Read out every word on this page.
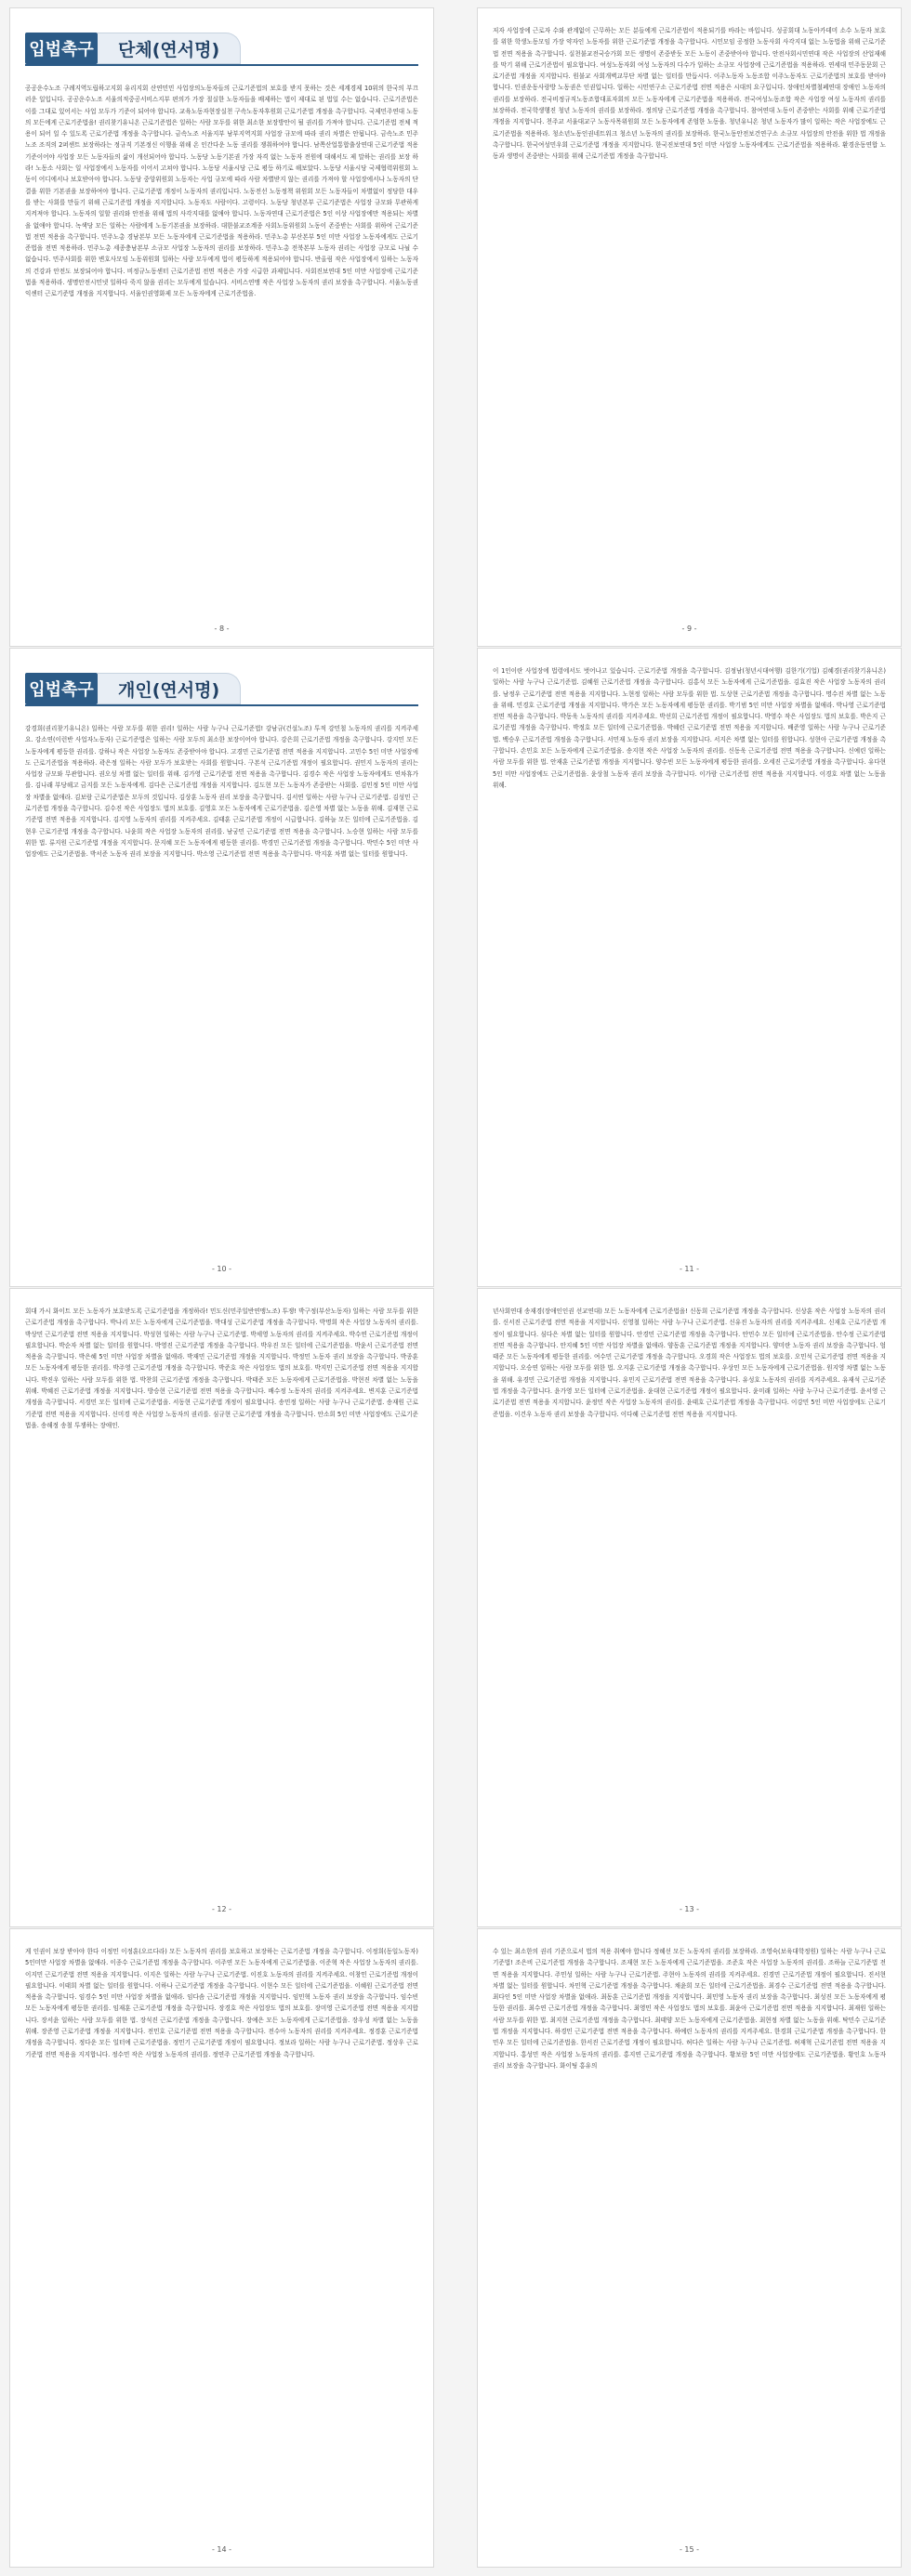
입법촉구	단체(연서명)
공공운수노조 구례지역도립하고지회 유리지회 산연민민 사업장의노동자들의 근로기준법의 보호를 받지 못하는 것은 세계경제 10위의 한국의 부끄러운 일입니다. 공공운수노조 서울의적중공서비스지부 편의가 가장 절실한 노동자들을 배제하는 법이 제대로 된 법일 수는 없습니다. 근로기준법은 이를 그대로 있어서는 사업 모두가 기준이 되어야 합니다. 교육노동자현장실천 구속노동자후원회 근로기준법 개정을 촉구합니다. 국제민주연대 노동의 모든에게 근로기준법을! 권리찾기유니온 근로기준법은 일하는 사람 모두를 위한 최소한 보장방안이 될 권리를 가져야 합니다. 근로기준법 전체 적용이 되어 일 수 있도록 근로기준법 개정을 촉구합니다. 금속노조 서울지부 남부지역지회 사업장 규모에 따라 권리 차별은 안됩니다. 금속노조 민주노조 조직의 2퍼센트 보장하라는 정규직 기본정신 이행을 위해 온 인간다운 노동 권리를 쟁취하여야 합니다. 남쪽산업통합출상연대 근로기준법 적용 기준이어야 사업장 모든 노동자들의 삶이 개선되어야 합니다. 노동당 노동기본권 가장 자격 없는 노동자 전원에 대해서도 제 말하는 권리를 보장 하라! 노동소 사회는 일 사업장에서 노동자를 이어서 고쳐야 합니다. 노동당 서울시당 근로 평등 하기로 해보았다. 노동당 서울시당 국제협력위원회 노동이 어디에서나 보호받아야 합니다. 노동당 중앙위원회 노동자는 사업 규모에 따라 사람 차별받지 않는 권리를 가져야 할 사업장에서나 노동자의 단결을 위한 기본권을 보장하여야 합니다. 근로기준법 개정이 노동자의 권리입니다. 노동전선 노동정책 위원회 모든 노동자들이 차별없이 정당한 대우를 받는 사회를 만들기 위해 근로기준법 개정을 지지합니다. 노동자도 사람이다. 고령이다. 노동당 청년본부 근로기준법은 사업장 규모와 무관하게 지켜져야 합니다. 노동자의 일할 권리와 안전을 위해 법의 사각지대를 없애야 합니다. 노동자연대 근로기준법은 5인 이상 사업장에만 적용되는 차별을 없애야 합니다. 녹색당 모든 일하는 사람에게 노동기본권을 보장하라. 대한불교조계종 사회노동위원회 노동이 존중받는 사회를 위하여 근로기준법 전면 적용을 촉구합니다. 민주노총 경남본부 모든 노동자에게 근로기준법을 적용하라. 민주노총 부산본부 5인 미만 사업장 노동자에게도 근로기준법을 전면 적용하라. 민주노총 세종충남본부 소규모 사업장 노동자의 권리를 보장하라. 민주노총 전북본부 노동자 권리는 사업장 규모로 나뉠 수 없습니다. 민주사회를 위한 변호사모임 노동위원회 일하는 사람 모두에게 법이 평등하게 적용되어야 합니다. 반올림 작은 사업장에서 일하는 노동자의 건강과 안전도 보장되어야 합니다. 비정규노동센터 근로기준법 전면 적용은 가장 시급한 과제입니다. 사회진보연대 5인 미만 사업장에 근로기준법을 적용하라. 생명안전시민넷 일하다 죽지 않을 권리는 모두에게 있습니다. 서비스연맹 작은 사업장 노동자의 권리 보장을 촉구합니다. 서울노동권익센터 근로기준법 개정을 지지합니다. 서울인권영화제 모든 노동자에게 근로기준법을.
- 8 -
저자 사업장에 근로자 수와 관계없이 근무하는 모든 분들에게 근로기준법이 적용되기를 바라는 바입니다. 성공회대 노동아카데미 소수 노동자 보호를 위한 학생노동모임 가장 약자인 노동자를 위한 근로기준법 개정을 촉구합니다. 시민모임 공정한 노동사회 사각지대 없는 노동법을 위해 근로기준법 전면 적용을 촉구합니다. 실천불교전국승가회 모든 생명이 존중받듯 모든 노동이 존중받아야 합니다. 안전사회시민연대 작은 사업장의 산업재해를 막기 위해 근로기준법이 필요합니다. 여성노동자회 여성 노동자의 다수가 일하는 소규모 사업장에 근로기준법을 적용하라. 연세대 민주동문회 근로기준법 개정을 지지합니다. 원불교 사회개벽교무단 차별 없는 일터를 만듭시다. 이주노동자 노동조합 이주노동자도 근로기준법의 보호를 받아야 합니다. 인권운동사랑방 노동권은 인권입니다. 일하는 시민연구소 근로기준법 전면 적용은 시대의 요구입니다. 장애인차별철폐연대 장애인 노동자의 권리를 보장하라. 전국비정규직노동조합대표자회의 모든 노동자에게 근로기준법을 적용하라. 전국여성노동조합 작은 사업장 여성 노동자의 권리를 보장하라. 전국학생행진 청년 노동자의 권리를 보장하라. 정의당 근로기준법 개정을 촉구합니다. 참여연대 노동이 존중받는 사회를 위해 근로기준법 개정을 지지합니다. 천주교 서울대교구 노동사목위원회 모든 노동자에게 존엄한 노동을. 청년유니온 청년 노동자가 많이 일하는 작은 사업장에도 근로기준법을 적용하라. 청소년노동인권네트워크 청소년 노동자의 권리를 보장하라. 한국노동안전보건연구소 소규모 사업장의 안전을 위한 법 개정을 촉구합니다. 한국여성민우회 근로기준법 개정을 지지합니다. 한국진보연대 5인 미만 사업장 노동자에게도 근로기준법을 적용하라. 환경운동연합 노동과 생명이 존중받는 사회를 위해 근로기준법 개정을 촉구합니다.
- 9 -
입법촉구	개인(연서명)
강경희(권리찾기유니온) 일하는 사람 모두를 위한 권리! 일하는 사람 누구나 근로기준법! 강남규(건설노조) 투적 강민철 노동자의 권리를 지켜주세요. 강소연(이런반 사업자노동자) 근로기준법은 일하는 사람 모두의 최소한 보장이어야 합니다. 강은희 근로기준법 개정을 촉구합니다. 강지민 모든 노동자에게 평등한 권리를. 강하나 작은 사업장 노동자도 존중받아야 합니다. 고경민 근로기준법 전면 적용을 지지합니다. 고민수 5인 미만 사업장에도 근로기준법을 적용하라. 곽은정 일하는 사람 모두가 보호받는 사회를 원합니다. 구본석 근로기준법 개정이 필요합니다. 권민지 노동자의 권리는 사업장 규모와 무관합니다. 권오성 차별 없는 일터를 위해. 김가영 근로기준법 전면 적용을 촉구합니다. 김경수 작은 사업장 노동자에게도 연차휴가를. 김나래 부당해고 금지를 모든 노동자에게. 김다은 근로기준법 개정을 지지합니다. 김도현 모든 노동자가 존중받는 사회를. 김민정 5인 미만 사업장 차별을 없애라. 김보람 근로기준법은 모두의 것입니다. 김상훈 노동자 권리 보장을 촉구합니다. 김서연 일하는 사람 누구나 근로기준법. 김성민 근로기준법 개정을 촉구합니다. 김수진 작은 사업장도 법의 보호를. 김영호 모든 노동자에게 근로기준법을. 김은영 차별 없는 노동을 위해. 김재현 근로기준법 전면 적용을 지지합니다. 김지영 노동자의 권리를 지켜주세요. 김태훈 근로기준법 개정이 시급합니다. 김하늘 모든 일터에 근로기준법을. 김현우 근로기준법 개정을 촉구합니다. 나윤희 작은 사업장 노동자의 권리를. 남궁민 근로기준법 전면 적용을 촉구합니다. 노승현 일하는 사람 모두를 위한 법. 류지원 근로기준법 개정을 지지합니다. 문지혜 모든 노동자에게 평등한 권리를. 박경민 근로기준법 개정을 촉구합니다. 박민수 5인 미만 사업장에도 근로기준법을. 박서준 노동자 권리 보장을 지지합니다. 박소영 근로기준법 전면 적용을 촉구합니다. 박지훈 차별 없는 일터를 원합니다.
- 10 -
이 1인이란 사업장에 법령에서도 벗어나고 있습니다. 근로기준법 개정을 촉구합니다. 김정남(청년시대여행) 김한기(기업) 김혜경(권리찾기유니온) 일하는 사람 누구나 근로기준법. 김혜원 근로기준법 개정을 촉구합니다. 김홍석 모든 노동자에게 근로기준법을. 김효진 작은 사업장 노동자의 권리를. 남정우 근로기준법 전면 적용을 지지합니다. 노현정 일하는 사람 모두를 위한 법. 도상현 근로기준법 개정을 촉구합니다. 명수진 차별 없는 노동을 위해. 민경호 근로기준법 개정을 지지합니다. 박가은 모든 노동자에게 평등한 권리를. 박기범 5인 미만 사업장 차별을 없애라. 박나영 근로기준법 전면 적용을 촉구합니다. 박동욱 노동자의 권리를 지켜주세요. 박선희 근로기준법 개정이 필요합니다. 박영수 작은 사업장도 법의 보호를. 박은지 근로기준법 개정을 촉구합니다. 박정호 모든 일터에 근로기준법을. 박혜린 근로기준법 전면 적용을 지지합니다. 배준영 일하는 사람 누구나 근로기준법. 백승우 근로기준법 개정을 촉구합니다. 서민재 노동자 권리 보장을 지지합니다. 서지은 차별 없는 일터를 원합니다. 성현아 근로기준법 개정을 촉구합니다. 손민호 모든 노동자에게 근로기준법을. 송지현 작은 사업장 노동자의 권리를. 신동욱 근로기준법 전면 적용을 촉구합니다. 신예린 일하는 사람 모두를 위한 법. 안재훈 근로기준법 개정을 지지합니다. 양수빈 모든 노동자에게 평등한 권리를. 오세진 근로기준법 개정을 촉구합니다. 유다현 5인 미만 사업장에도 근로기준법을. 윤상철 노동자 권리 보장을 촉구합니다. 이가람 근로기준법 전면 적용을 지지합니다. 이경호 차별 없는 노동을 위해.
- 11 -
회대 가시 화이트 모든 노동자가 보호받도록 근로기준법을 개정하라! 민도신(민주일반연맹노조) 투쟁! 박구정(부산노동자) 일하는 사람 모두를 위한 근로기준법 개정을 촉구합니다. 박나리 모든 노동자에게 근로기준법을. 박대성 근로기준법 개정을 촉구합니다. 박명희 작은 사업장 노동자의 권리를. 박상민 근로기준법 전면 적용을 지지합니다. 박성현 일하는 사람 누구나 근로기준법. 박세영 노동자의 권리를 지켜주세요. 박수연 근로기준법 개정이 필요합니다. 박순자 차별 없는 일터를 원합니다. 박영진 근로기준법 개정을 촉구합니다. 박우진 모든 일터에 근로기준법을. 박윤서 근로기준법 전면 적용을 촉구합니다. 박은혜 5인 미만 사업장 차별을 없애라. 박재민 근로기준법 개정을 지지합니다. 박정민 노동자 권리 보장을 촉구합니다. 박종훈 모든 노동자에게 평등한 권리를. 박주영 근로기준법 개정을 촉구합니다. 박준호 작은 사업장도 법의 보호를. 박지민 근로기준법 전면 적용을 지지합니다. 박진우 일하는 사람 모두를 위한 법. 박찬희 근로기준법 개정을 촉구합니다. 박태준 모든 노동자에게 근로기준법을. 박현진 차별 없는 노동을 위해. 박혜진 근로기준법 개정을 지지합니다. 방승현 근로기준법 전면 적용을 촉구합니다. 배수정 노동자의 권리를 지켜주세요. 변지훈 근로기준법 개정을 촉구합니다. 서경민 모든 일터에 근로기준법을. 서동현 근로기준법 개정이 필요합니다. 송민정 일하는 사람 누구나 근로기준법. 송재원 근로기준법 전면 적용을 지지합니다. 신미경 작은 사업장 노동자의 권리를. 심규현 근로기준법 개정을 촉구합니다. 안소희 5인 미만 사업장에도 근로기준법을. 송해정 송철 투쟁하는 장애인.
- 12 -
년사회연대 송재경(장애인인권 선교연대) 모든 노동자에게 근로기준법을! 신동희 근로기준법 개정을 촉구합니다. 신상훈 작은 사업장 노동자의 권리를. 신서진 근로기준법 전면 적용을 지지합니다. 신영철 일하는 사람 누구나 근로기준법. 신유진 노동자의 권리를 지켜주세요. 신재호 근로기준법 개정이 필요합니다. 심다은 차별 없는 일터를 원합니다. 안경민 근로기준법 개정을 촉구합니다. 안민수 모든 일터에 근로기준법을. 안수정 근로기준법 전면 적용을 촉구합니다. 안지혜 5인 미만 사업장 차별을 없애라. 양동훈 근로기준법 개정을 지지합니다. 양미란 노동자 권리 보장을 촉구합니다. 엄태준 모든 노동자에게 평등한 권리를. 여수민 근로기준법 개정을 촉구합니다. 오경희 작은 사업장도 법의 보호를. 오민석 근로기준법 전면 적용을 지지합니다. 오승연 일하는 사람 모두를 위한 법. 오지훈 근로기준법 개정을 촉구합니다. 우상민 모든 노동자에게 근로기준법을. 원지영 차별 없는 노동을 위해. 유경민 근로기준법 개정을 지지합니다. 유민지 근로기준법 전면 적용을 촉구합니다. 유성호 노동자의 권리를 지켜주세요. 유재석 근로기준법 개정을 촉구합니다. 윤가영 모든 일터에 근로기준법을. 윤대현 근로기준법 개정이 필요합니다. 윤미래 일하는 사람 누구나 근로기준법. 윤서영 근로기준법 전면 적용을 지지합니다. 윤정민 작은 사업장 노동자의 권리를. 윤태호 근로기준법 개정을 촉구합니다. 이강민 5인 미만 사업장에도 근로기준법을. 이건우 노동자 권리 보장을 촉구합니다. 이다혜 근로기준법 전면 적용을 지지합니다.
- 13 -
게 인권이 보장 받아야 한다 이정민 이정훈(오르다라) 모든 노동자의 권리를 보호하고 보장하는 근로기준법 개정을 촉구합니다. 이정희(동일노동자) 5인미만 사업장 차별을 없애라. 이종수 근로기준법 개정을 촉구합니다. 이주연 모든 노동자에게 근로기준법을. 이준혁 작은 사업장 노동자의 권리를. 이지민 근로기준법 전면 적용을 지지합니다. 이지은 일하는 사람 누구나 근로기준법. 이진호 노동자의 권리를 지켜주세요. 이창민 근로기준법 개정이 필요합니다. 이태희 차별 없는 일터를 원합니다. 이하나 근로기준법 개정을 촉구합니다. 이현수 모든 일터에 근로기준법을. 이혜원 근로기준법 전면 적용을 촉구합니다. 임경수 5인 미만 사업장 차별을 없애라. 임다솜 근로기준법 개정을 지지합니다. 임민혁 노동자 권리 보장을 촉구합니다. 임수빈 모든 노동자에게 평등한 권리를. 임재훈 근로기준법 개정을 촉구합니다. 장경호 작은 사업장도 법의 보호를. 장미영 근로기준법 전면 적용을 지지합니다. 장서윤 일하는 사람 모두를 위한 법. 장석진 근로기준법 개정을 촉구합니다. 장예은 모든 노동자에게 근로기준법을. 장우성 차별 없는 노동을 위해. 장준영 근로기준법 개정을 지지합니다. 전민호 근로기준법 전면 적용을 촉구합니다. 전수아 노동자의 권리를 지켜주세요. 정경훈 근로기준법 개정을 촉구합니다. 정다운 모든 일터에 근로기준법을. 정민기 근로기준법 개정이 필요합니다. 정보라 일하는 사람 누구나 근로기준법. 정상우 근로기준법 전면 적용을 지지합니다. 정수민 작은 사업장 노동자의 권리를. 정연주 근로기준법 개정을 촉구합니다.
- 14 -
수 있는 최소한의 권리 기준으로서 법의 적용 취예야 합니다 정혜선 모든 노동자의 권리를 보장하라. 조영숙(보육대학정원) 일하는 사람 누구나 근로기준법! 조은비 근로기준법 개정을 촉구합니다. 조재현 모든 노동자에게 근로기준법을. 조준호 작은 사업장 노동자의 권리를. 조하늘 근로기준법 전면 적용을 지지합니다. 주민성 일하는 사람 누구나 근로기준법. 주현아 노동자의 권리를 지켜주세요. 진경민 근로기준법 개정이 필요합니다. 진서현 차별 없는 일터를 원합니다. 차민혁 근로기준법 개정을 촉구합니다. 채윤희 모든 일터에 근로기준법을. 최경수 근로기준법 전면 적용을 촉구합니다. 최다인 5인 미만 사업장 차별을 없애라. 최동훈 근로기준법 개정을 지지합니다. 최민영 노동자 권리 보장을 촉구합니다. 최성진 모든 노동자에게 평등한 권리를. 최수연 근로기준법 개정을 촉구합니다. 최영민 작은 사업장도 법의 보호를. 최윤아 근로기준법 전면 적용을 지지합니다. 최재원 일하는 사람 모두를 위한 법. 최지현 근로기준법 개정을 촉구합니다. 최태양 모든 노동자에게 근로기준법을. 최현정 차별 없는 노동을 위해. 탁민수 근로기준법 개정을 지지합니다. 하경민 근로기준법 전면 적용을 촉구합니다. 하예린 노동자의 권리를 지켜주세요. 한경희 근로기준법 개정을 촉구합니다. 한민우 모든 일터에 근로기준법을. 한서진 근로기준법 개정이 필요합니다. 허다은 일하는 사람 누구나 근로기준법. 허재혁 근로기준법 전면 적용을 지지합니다. 홍성민 작은 사업장 노동자의 권리를. 홍지연 근로기준법 개정을 촉구합니다. 황보람 5인 미만 사업장에도 근로기준법을. 황인호 노동자 권리 보장을 촉구합니다. 화이팅 홍유의
- 15 -
